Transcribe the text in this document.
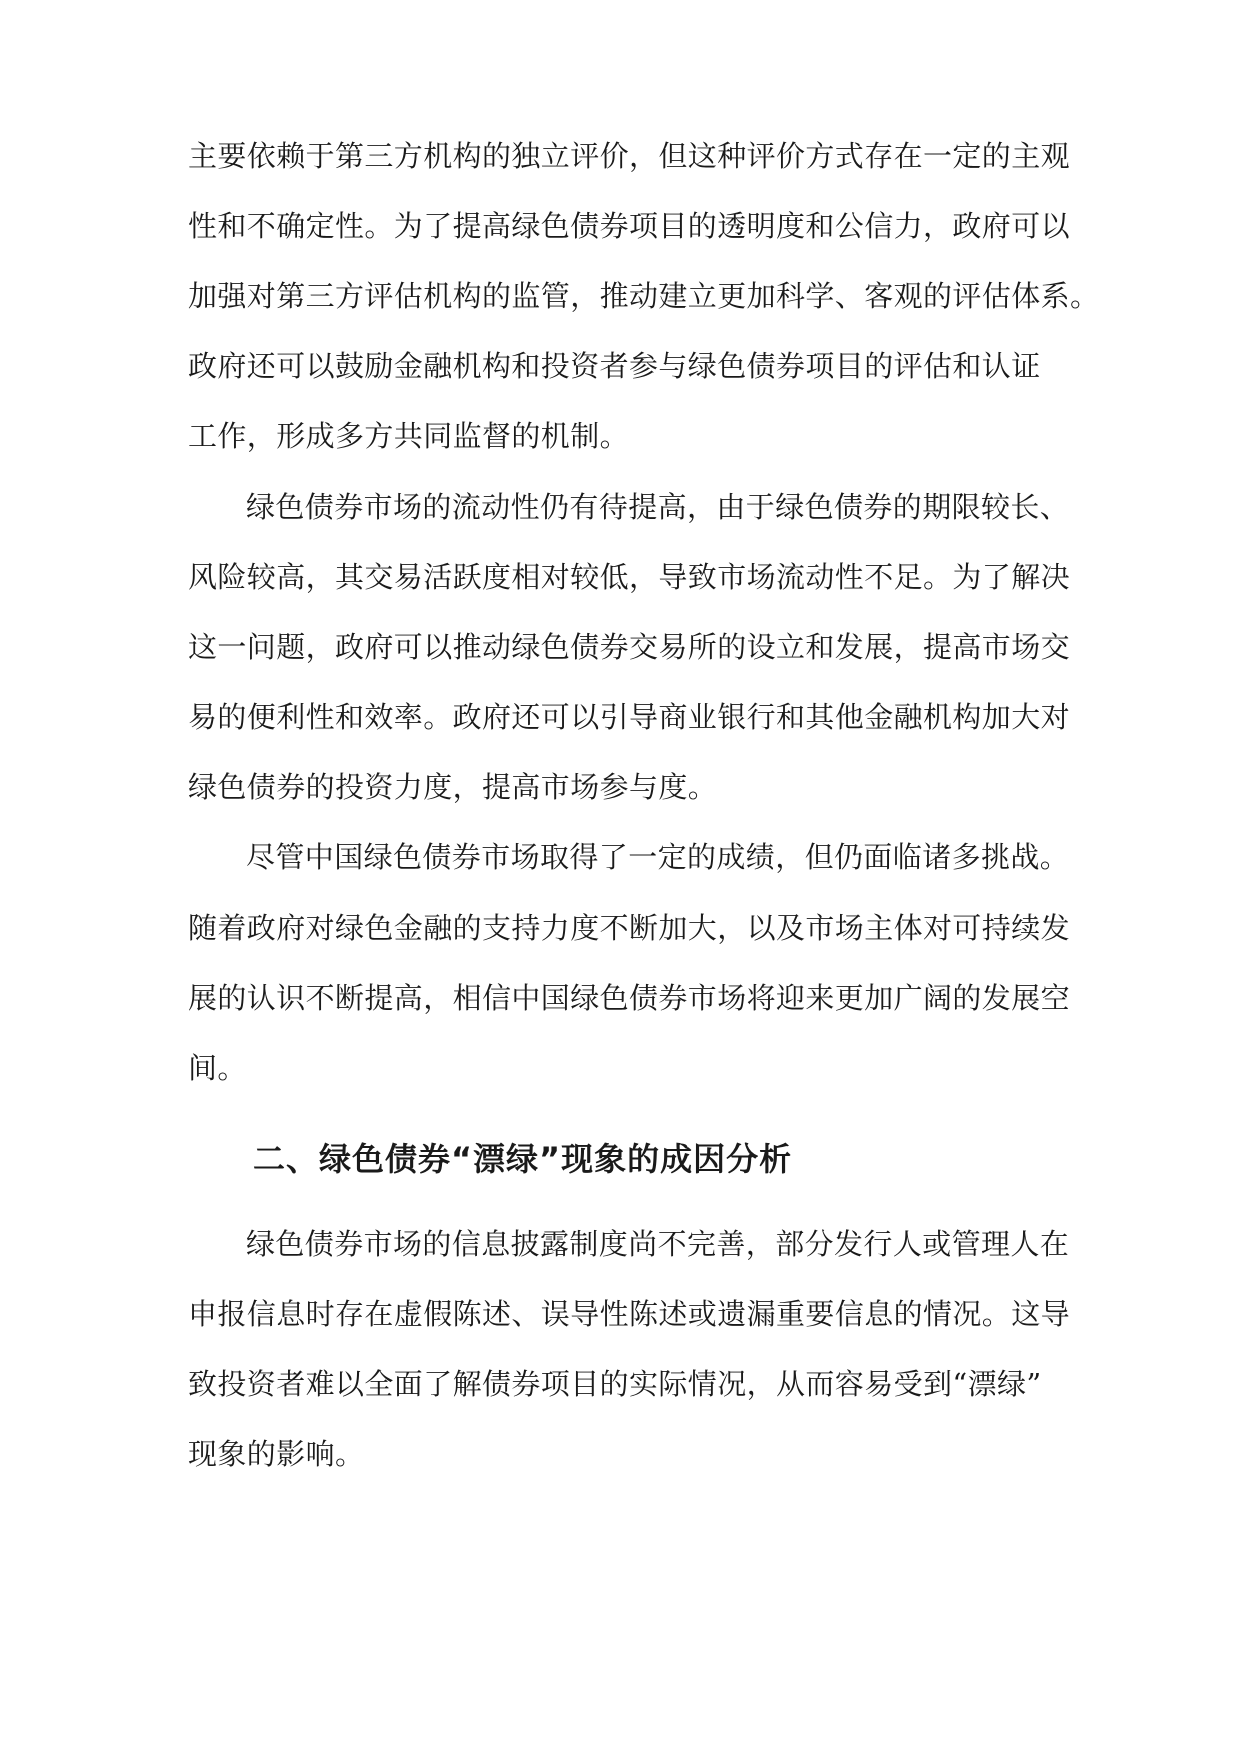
主要依赖于第三方机构的独立评价，但这种评价方式存在一定的主观
性和不确定性。为了提高绿色债券项目的透明度和公信力，政府可以
加强对第三方评估机构的监管，推动建立更加科学、客观的评估体系。
政府还可以鼓励金融机构和投资者参与绿色债券项目的评估和认证
工作，形成多方共同监督的机制。
绿色债券市场的流动性仍有待提高，由于绿色债券的期限较长、
风险较高，其交易活跃度相对较低，导致市场流动性不足。为了解决
这一问题，政府可以推动绿色债券交易所的设立和发展，提高市场交
易的便利性和效率。政府还可以引导商业银行和其他金融机构加大对
绿色债券的投资力度，提高市场参与度。
尽管中国绿色债券市场取得了一定的成绩，但仍面临诸多挑战。
随着政府对绿色金融的支持力度不断加大，以及市场主体对可持续发
展的认识不断提高，相信中国绿色债券市场将迎来更加广阔的发展空
间。
二、绿色债券“漂绿”现象的成因分析
绿色债券市场的信息披露制度尚不完善，部分发行人或管理人在
申报信息时存在虚假陈述、误导性陈述或遗漏重要信息的情况。这导
致投资者难以全面了解债券项目的实际情况，从而容易受到“漂绿”
现象的影响。
